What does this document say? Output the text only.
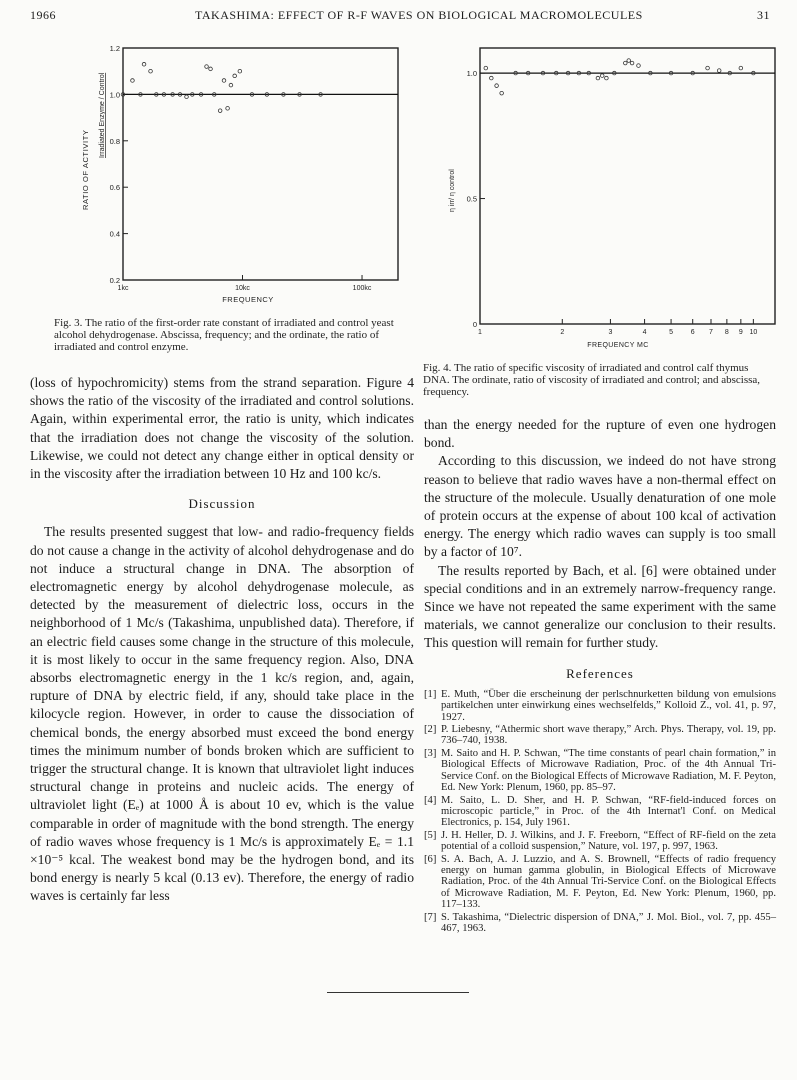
1966	TAKASHIMA: EFFECT OF R-F WAVES ON BIOLOGICAL MACROMOLECULES	31
0.2
0.4
0.6
0.8
1.0
1.2
1kc	10kc	100kc
RATIO OF ACTIVITY
Irradiated Enzyme / Control
FREQUENCY
Fig. 3. The ratio of the first-order rate constant of irradiated and control yeast alcohol dehydrogenase. Abscissa, frequency; and the ordinate, the ratio of irradiated and control enzyme.
0
0.5
1.0
1	2	3	4	5	6 7 8 9 10
η irr/ η control
FREQUENCY MC
Fig. 4. The ratio of specific viscosity of irradiated and control calf thymus DNA. The ordinate, ratio of viscosity of irradiated and control; and abscissa, frequency.

(loss of hypochromicity) stems from the strand separation. Figure 4 shows the ratio of the viscosity of the irradiated and control solutions. Again, within experimental error, the ratio is unity, which indicates that the irradiation does not change the viscosity of the solution. Likewise, we could not detect any change either in optical density or in the viscosity after the irradiation between 10 Hz and 100 kc/s.

Discussion

The results presented suggest that low- and radio-frequency fields do not cause a change in the activity of alcohol dehydrogenase and do not induce a structural change in DNA. The absorption of electromagnetic energy by alcohol dehydrogenase molecule, as detected by the measurement of dielectric loss, occurs in the neighborhood of 1 Mc/s (Takashima, unpublished data). Therefore, if an electric field causes some change in the structure of this molecule, it is most likely to occur in the same frequency region. Also, DNA absorbs electromagnetic energy in the 1 kc/s region, and, again, rupture of DNA by electric field, if any, should take place in the kilocycle region. However, in order to cause the dissociation of chemical bonds, the energy absorbed must exceed the bond energy times the minimum number of bonds broken which are sufficient to trigger the structural change. It is known that ultraviolet light induces structural change in proteins and nucleic acids. The energy of ultraviolet light (Eₑ) at 1000 Å is about 10 ev, which is the value comparable in order of magnitude with the bond strength. The energy of radio waves whose frequency is 1 Mc/s is approximately Eₑ = 1.1 ×10⁻⁵ kcal. The weakest bond may be the hydrogen bond, and its bond energy is nearly 5 kcal (0.13 ev). Therefore, the energy of radio waves is certainly far less

than the energy needed for the rupture of even one hydrogen bond.

According to this discussion, we indeed do not have strong reason to believe that radio waves have a non-thermal effect on the structure of the molecule. Usually denaturation of one mole of protein occurs at the expense of about 100 kcal of activation energy. The energy which radio waves can supply is too small by a factor of 10⁷.

The results reported by Bach, et al. [6] were obtained under special conditions and in an extremely narrow-frequency range. Since we have not repeated the same experiment with the same materials, we cannot generalize our conclusion to their results. This question will remain for further study.

References
[1] E. Muth, “Über die erscheinung der perlschnurketten bildung von emulsions partikelchen unter einwirkung eines wechselfelds,” Kolloid Z., vol. 41, p. 97, 1927.
[2] P. Liebesny, “Athermic short wave therapy,” Arch. Phys. Therapy, vol. 19, pp. 736–740, 1938.
[3] M. Saito and H. P. Schwan, “The time constants of pearl chain formation,” in Biological Effects of Microwave Radiation, Proc. of the 4th Annual Tri-Service Conf. on the Biological Effects of Microwave Radiation, M. F. Peyton, Ed. New York: Plenum, 1960, pp. 85–97.
[4] M. Saito, L. D. Sher, and H. P. Schwan, “RF-field-induced forces on microscopic particle,” in Proc. of the 4th Internat'l Conf. on Medical Electronics, p. 154, July 1961.
[5] J. H. Heller, D. J. Wilkins, and J. F. Freeborn, “Effect of RF-field on the zeta potential of a colloid suspension,” Nature, vol. 197, p. 997, 1963.
[6] S. A. Bach, A. J. Luzzio, and A. S. Brownell, “Effects of radio frequency energy on human gamma globulin, in Biological Effects of Microwave Radiation, Proc. of the 4th Annual Tri-Service Conf. on the Biological Effects of Microwave Radiation, M. F. Peyton, Ed. New York: Plenum, 1960, pp. 117–133.
[7] S. Takashima, “Dielectric dispersion of DNA,” J. Mol. Biol., vol. 7, pp. 455–467, 1963.
